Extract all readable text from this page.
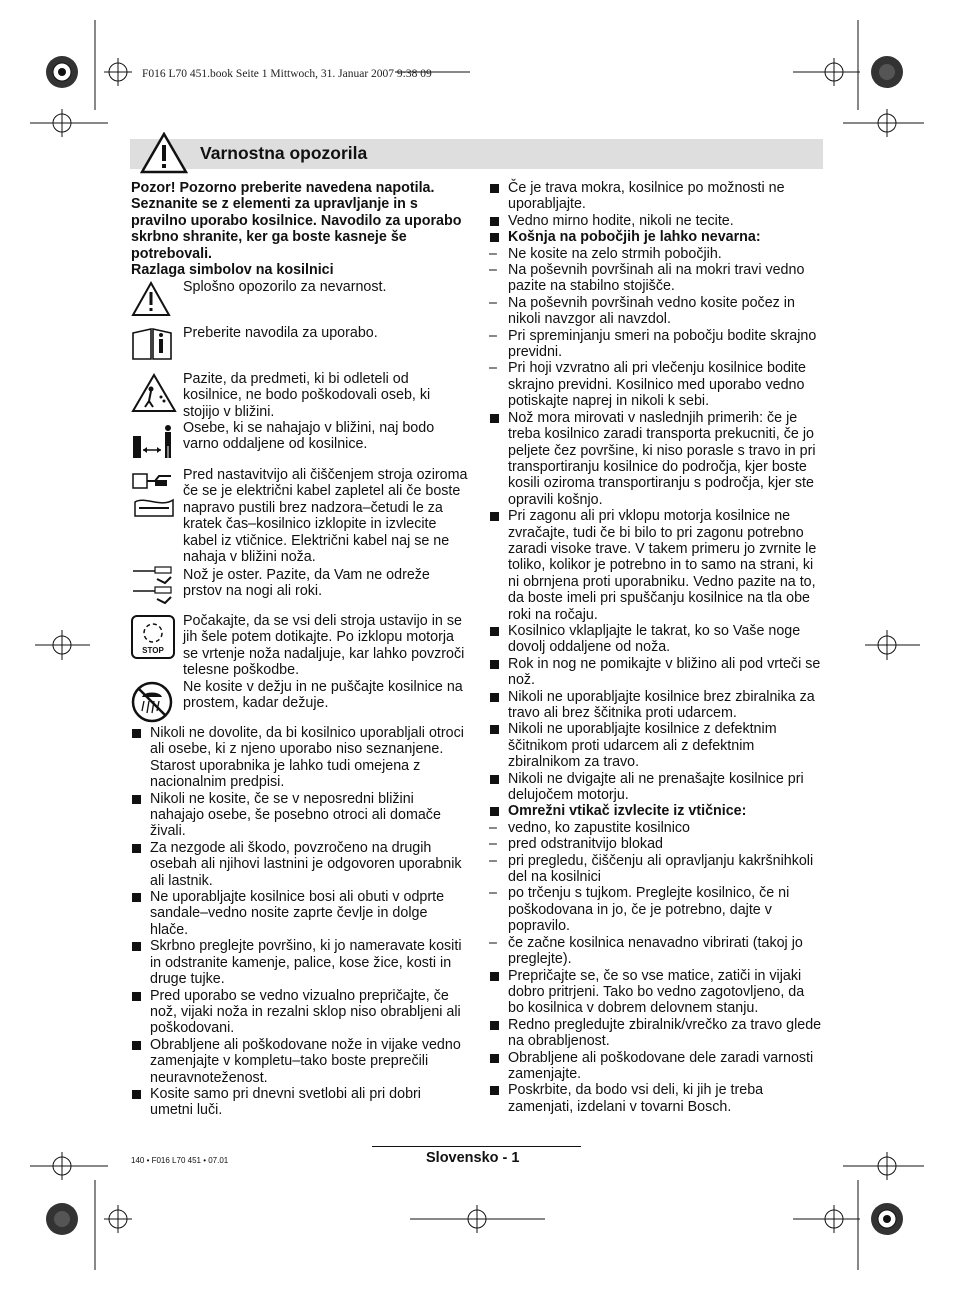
F016 L70 451.book Seite 1 Mittwoch, 31. Januar 2007 9:38 09
Varnostna opozorila

Pozor! Pozorno preberite navedena napotila. Seznanite se z elementi za upravljanje in s pravilno uporabo kosilnice. Navodilo za uporabo skrbno shranite, ker ga boste kasneje še potrebovali.

Razlaga simbolov na kosilnici

Splošno opozorilo za nevarnost.
Preberite navodila za uporabo.
Pazite, da predmeti, ki bi odleteli od kosilnice, ne bodo poškodovali oseb, ki stojijo v bližini.
Osebe, ki se nahajajo v bližini, naj bodo varno oddaljene od kosilnice.
Pred nastavitvijo ali čiščenjem stroja oziroma če se je električni kabel zapletel ali če boste napravo pustili brez nadzora–četudi le za kratek čas–kosilnico izklopite in izvlecite kabel iz vtičnice. Električni kabel naj se ne nahaja v bližini noža.
Nož je oster. Pazite, da Vam ne odreže prstov na nogi ali roki.
STOP
Počakajte, da se vsi deli stroja ustavijo in se jih šele potem dotikajte. Po izklopu motorja se vrtenje noža nadaljuje, kar lahko povzroči telesne poškodbe.
Ne kosite v dežju in ne puščajte kosilnice na prostem, kadar dežuje.

Nikoli ne dovolite, da bi kosilnico uporabljali otroci ali osebe, ki z njeno uporabo niso seznanjene. Starost uporabnika je lahko tudi omejena z nacionalnim predpisi.

Nikoli ne kosite, če se v neposredni bližini nahajajo osebe, še posebno otroci ali domače živali.

Za nezgode ali škodo, povzročeno na drugih osebah ali njihovi lastnini je odgovoren uporabnik ali lastnik.

Ne uporabljajte kosilnice bosi ali obuti v odprte sandale–vedno nosite zaprte čevlje in dolge hlače.

Skrbno preglejte površino, ki jo nameravate kositi in odstranite kamenje, palice, kose žice, kosti in druge tujke.

Pred uporabo se vedno vizualno prepričajte, če nož, vijaki noža in rezalni sklop niso obrabljeni ali poškodovani.

Obrabljene ali poškodovane nože in vijake vedno zamenjajte v kompletu–tako boste preprečili neuravnoteženost.

Kosite samo pri dnevni svetlobi ali pri dobri umetni luči.

Če je trava mokra, kosilnice po možnosti ne uporabljajte.

Vedno mirno hodite, nikoli ne tecite.

Košnja na pobočjih je lahko nevarna:

– Ne kosite na zelo strmih pobočjih.

– Na poševnih površinah ali na mokri travi vedno pazite na stabilno stojišče.

– Na poševnih površinah vedno kosite počez in nikoli navzgor ali navzdol.

– Pri spreminjanju smeri na pobočju bodite skrajno previdni.

– Pri hoji vzvratno ali pri vlečenju kosilnice bodite skrajno previdni. Kosilnico med uporabo vedno potiskajte naprej in nikoli k sebi.

Nož mora mirovati v naslednjih primerih: če je treba kosilnico zaradi transporta prekucniti, če jo peljete čez površine, ki niso porasle s travo in pri transportiranju kosilnice do področja, kjer boste kosili oziroma transportiranju s področja, kjer ste opravili košnjo.

Pri zagonu ali pri vklopu motorja kosilnice ne zvračajte, tudi če bi bilo to pri zagonu potrebno zaradi visoke trave. V takem primeru jo zvrnite le toliko, kolikor je potrebno in to samo na strani, ki ni obrnjena proti uporabniku. Vedno pazite na to, da boste imeli pri spuščanju kosilnice na tla obe roki na ročaju.

Kosilnico vklapljajte le takrat, ko so Vaše noge dovolj oddaljene od noža.

Rok in nog ne pomikajte v bližino ali pod vrteči se nož.

Nikoli ne uporabljajte kosilnice brez zbiralnika za travo ali brez ščitnika proti udarcem.

Nikoli ne uporabljajte kosilnice z defektnim ščitnikom proti udarcem ali z defektnim zbiralnikom za travo.

Nikoli ne dvigajte ali ne prenašajte kosilnice pri delujočem motorju.

Omrežni vtikač izvlecite iz vtičnice:

– vedno, ko zapustite kosilnico

– pred odstranitvijo blokad

– pri pregledu, čiščenju ali opravljanju kakršnihkoli del na kosilnici

– po trčenju s tujkom. Preglejte kosilnico, če ni poškodovana in jo, če je potrebno, dajte v popravilo.

– če začne kosilnica nenavadno vibrirati (takoj jo preglejte).

Prepričajte se, če so vse matice, zatiči in vijaki dobro pritrjeni. Tako bo vedno zagotovljeno, da bo kosilnica v dobrem delovnem stanju.

Redno pregledujte zbiralnik/vrečko za travo glede na obrabljenost.

Obrabljene ali poškodovane dele zaradi varnosti zamenjajte.

Poskrbite, da bodo vsi deli, ki jih je treba zamenjati, izdelani v tovarni Bosch.

140 • F016 L70 451 • 07.01	Slovensko - 1
